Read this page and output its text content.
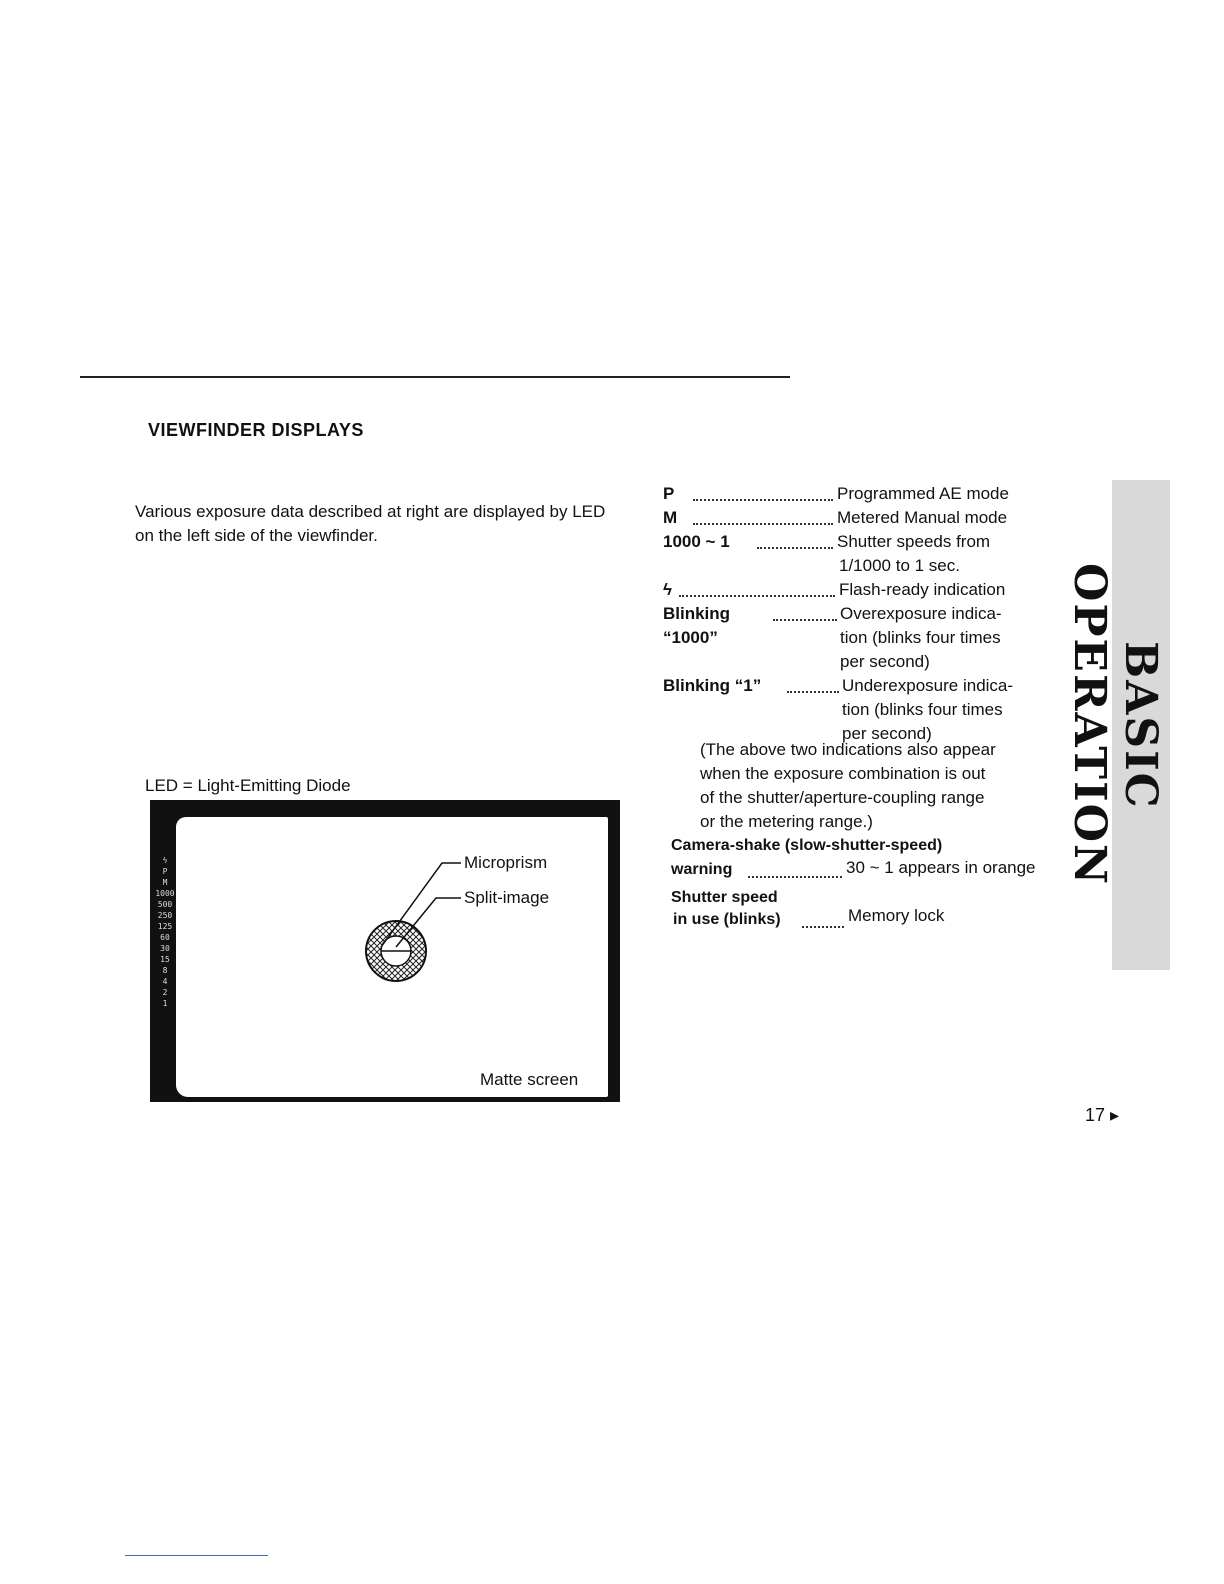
VIEWFINDER DISPLAYS
Various exposure data described at right are displayed by LED on the left side of the viewfinder.
LED = Light-Emitting Diode
ϟ
P
M
1000
500
250
125
60
30
15
8
4
2
1
Microprism
Split-image
Matte screen
P	Programmed AE mode
M	Metered Manual mode
1000 ~ 1	Shutter speeds from
1/1000 to 1 sec.
ϟ	Flash-ready indication
Blinking	Overexposure indica-
“1000”	tion (blinks four times
per second)
Blinking “1”	Underexposure indica-
tion (blinks four times
per second)
(The above two indications also appear
when the exposure combination is out
of the shutter/aperture-coupling range
or the metering range.)
Camera-shake (slow-shutter-speed)
warning	30 ~ 1 appears in orange
Shutter speed
in use (blinks)	Memory lock
BASIC OPERATION
17 ▸
